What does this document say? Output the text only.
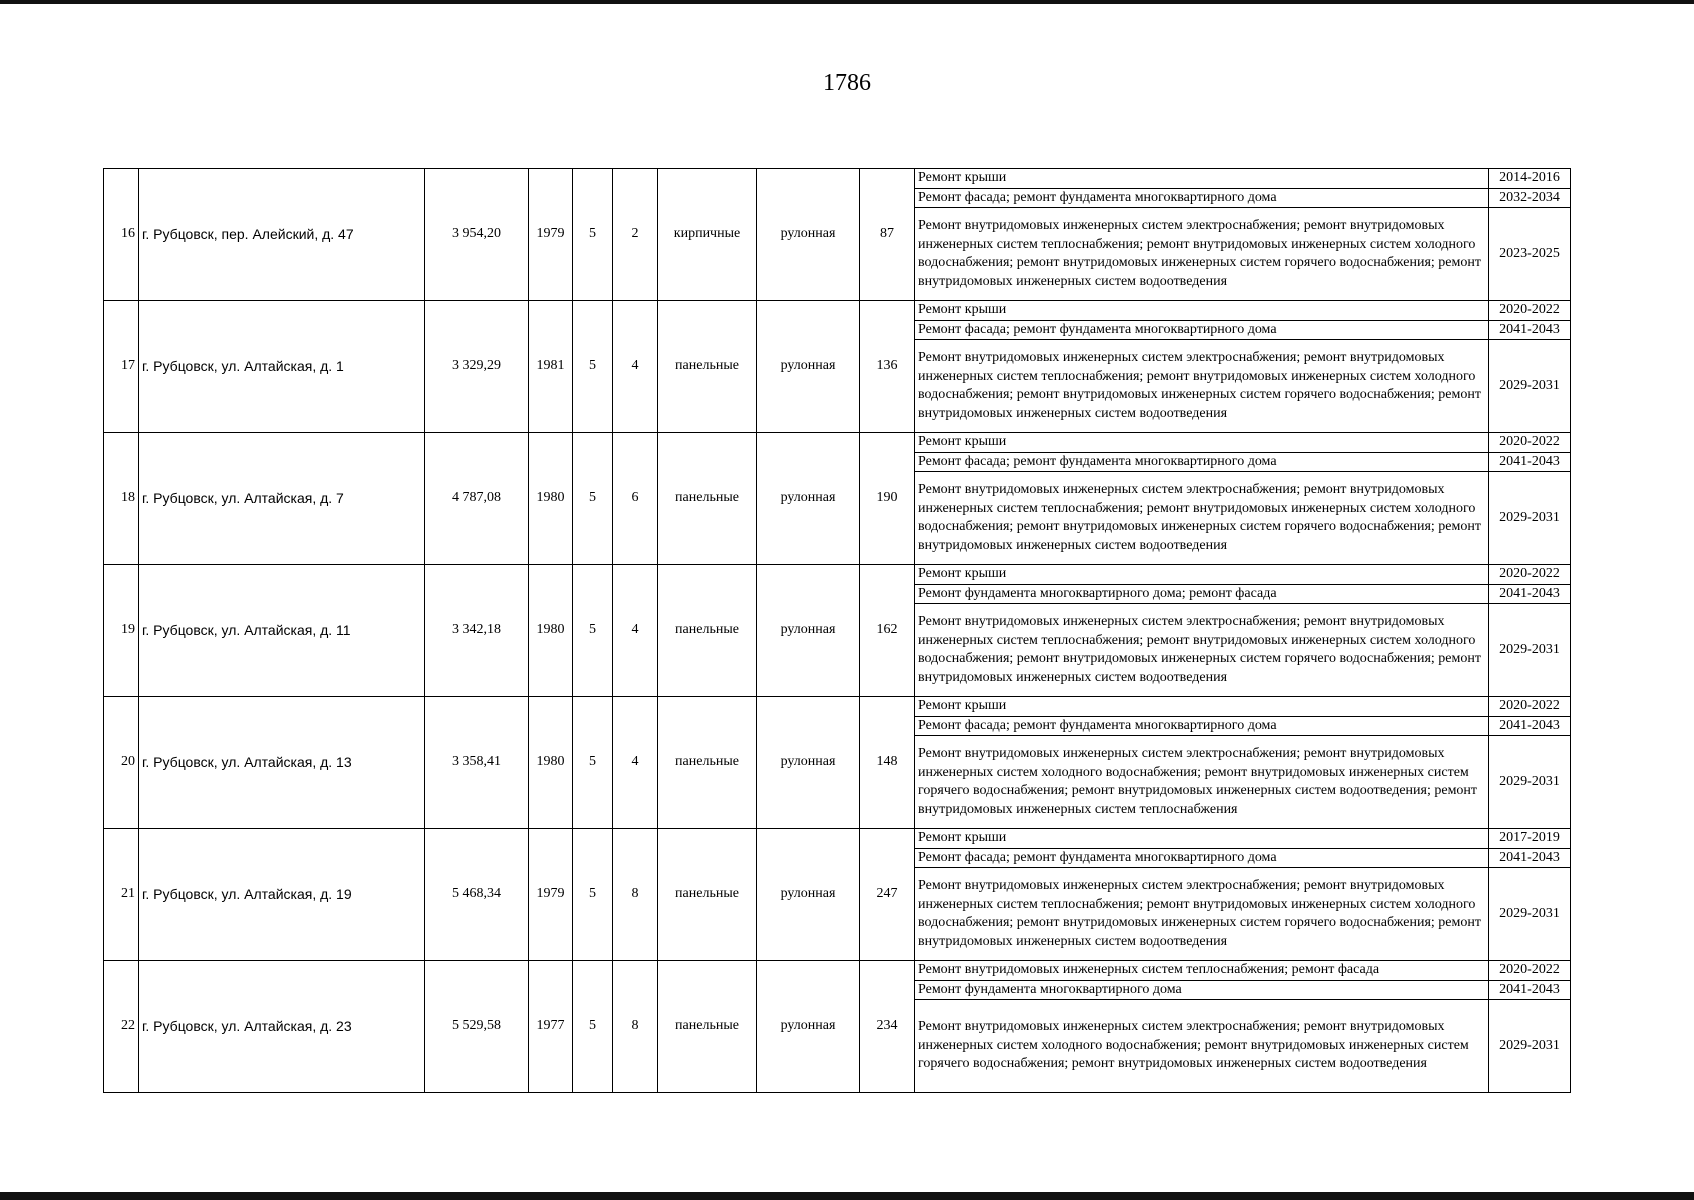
1786
16	г. Рубцовск, пер. Алейский, д. 47	3 954,20	1979	5	2	кирпичные	рулонная	87	Ремонт крыши	2014-2016
									Ремонт фасада; ремонт фундамента многоквартирного дома	2032-2034
									Ремонт внутридомовых инженерных систем электроснабжения; ремонт внутридомовых инженерных систем теплоснабжения; ремонт внутридомовых инженерных систем холодного водоснабжения; ремонт внутридомовых инженерных систем горячего водоснабжения; ремонт внутридомовых инженерных систем водоотведения	2023-2025
17	г. Рубцовск, ул. Алтайская, д. 1	3 329,29	1981	5	4	панельные	рулонная	136	Ремонт крыши	2020-2022
									Ремонт фасада; ремонт фундамента многоквартирного дома	2041-2043
									Ремонт внутридомовых инженерных систем электроснабжения; ремонт внутридомовых инженерных систем теплоснабжения; ремонт внутридомовых инженерных систем холодного водоснабжения; ремонт внутридомовых инженерных систем горячего водоснабжения; ремонт внутридомовых инженерных систем водоотведения	2029-2031
18	г. Рубцовск, ул. Алтайская, д. 7	4 787,08	1980	5	6	панельные	рулонная	190	Ремонт крыши	2020-2022
									Ремонт фасада; ремонт фундамента многоквартирного дома	2041-2043
									Ремонт внутридомовых инженерных систем электроснабжения; ремонт внутридомовых инженерных систем теплоснабжения; ремонт внутридомовых инженерных систем холодного водоснабжения; ремонт внутридомовых инженерных систем горячего водоснабжения; ремонт внутридомовых инженерных систем водоотведения	2029-2031
19	г. Рубцовск, ул. Алтайская, д. 11	3 342,18	1980	5	4	панельные	рулонная	162	Ремонт крыши	2020-2022
									Ремонт фундамента многоквартирного дома; ремонт фасада	2041-2043
									Ремонт внутридомовых инженерных систем электроснабжения; ремонт внутридомовых инженерных систем теплоснабжения; ремонт внутридомовых инженерных систем холодного водоснабжения; ремонт внутридомовых инженерных систем горячего водоснабжения; ремонт внутридомовых инженерных систем водоотведения	2029-2031
20	г. Рубцовск, ул. Алтайская, д. 13	3 358,41	1980	5	4	панельные	рулонная	148	Ремонт крыши	2020-2022
									Ремонт фасада; ремонт фундамента многоквартирного дома	2041-2043
									Ремонт внутридомовых инженерных систем электроснабжения; ремонт внутридомовых инженерных систем холодного водоснабжения; ремонт внутридомовых инженерных систем горячего водоснабжения; ремонт внутридомовых инженерных систем водоотведения; ремонт внутридомовых инженерных систем теплоснабжения	2029-2031
21	г. Рубцовск, ул. Алтайская, д. 19	5 468,34	1979	5	8	панельные	рулонная	247	Ремонт крыши	2017-2019
									Ремонт фасада; ремонт фундамента многоквартирного дома	2041-2043
									Ремонт внутридомовых инженерных систем электроснабжения; ремонт внутридомовых инженерных систем теплоснабжения; ремонт внутридомовых инженерных систем холодного водоснабжения; ремонт внутридомовых инженерных систем горячего водоснабжения; ремонт внутридомовых инженерных систем водоотведения	2029-2031
22	г. Рубцовск, ул. Алтайская, д. 23	5 529,58	1977	5	8	панельные	рулонная	234	Ремонт внутридомовых инженерных систем теплоснабжения; ремонт фасада	2020-2022
									Ремонт фундамента многоквартирного дома	2041-2043
									Ремонт внутридомовых инженерных систем электроснабжения; ремонт внутридомовых инженерных систем холодного водоснабжения; ремонт внутридомовых инженерных систем горячего водоснабжения; ремонт внутридомовых инженерных систем водоотведения	2029-2031
